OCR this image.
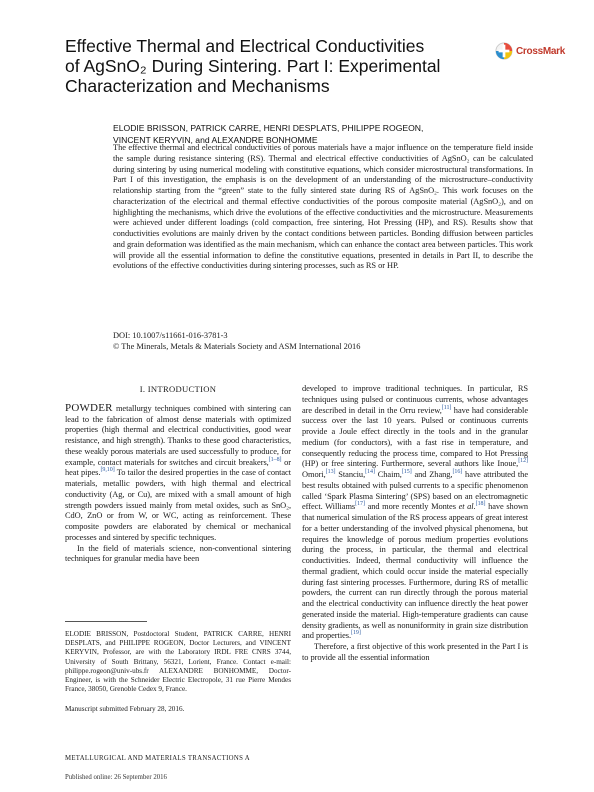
Effective Thermal and Electrical Conductivities
of AgSnO₂ During Sintering. Part I: Experimental
Characterization and Mechanisms
CrossMark
ELODIE BRISSON, PATRICK CARRE, HENRI DESPLATS, PHILIPPE ROGEON,
VINCENT KERYVIN, and ALEXANDRE BONHOMME
The effective thermal and electrical conductivities of porous materials have a major influence on the temperature field inside the sample during resistance sintering (RS). Thermal and electrical effective conductivities of AgSnO₂ can be calculated during sintering by using numerical modeling with constitutive equations, which consider microstructural transformations. In Part I of this investigation, the emphasis is on the development of an understanding of the microstructure–conductivity relationship starting from the “green” state to the fully sintered state during RS of AgSnO₂. This work focuses on the characterization of the electrical and thermal effective conductivities of the porous composite material (AgSnO₂), and on highlighting the mechanisms, which drive the evolutions of the effective conductivities and the microstructure. Measurements were achieved under different loadings (cold compaction, free sintering, Hot Pressing (HP), and RS). Results show that conductivities evolutions are mainly driven by the contact conditions between particles. Bonding diffusion between particles and grain deformation was identified as the main mechanism, which can enhance the contact area between particles. This work will provide all the essential information to define the constitutive equations, presented in details in Part II, to describe the evolutions of the effective conductivities during sintering processes, such as RS or HP.
DOI: 10.1007/s11661-016-3781-3
© The Minerals, Metals & Materials Society and ASM International 2016
I. INTRODUCTION

POWDER metallurgy techniques combined with sintering can lead to the fabrication of almost dense materials with optimized properties (high thermal and electrical conductivities, good wear resistance, and high strength). Thanks to these good characteristics, these weakly porous materials are used successfully to produce, for example, contact materials for switches and circuit breakers,[1–8] or heat pipes.[9,10] To tailor the desired properties in the case of contact materials, metallic powders, with high thermal and electrical conductivity (Ag, or Cu), are mixed with a small amount of high strength powders issued mainly from metal oxides, such as SnO₂, CdO, ZnO or from W, or WC, acting as reinforcement. These composite powders are elaborated by chemical or mechanical processes and sintered by specific techniques.

In the field of materials science, non-conventional sintering techniques for granular media have been

developed to improve traditional techniques. In particular, RS techniques using pulsed or continuous currents, whose advantages are described in detail in the Orru review,[11] have had considerable success over the last 10 years. Pulsed or continuous currents provide a Joule effect directly in the tools and in the granular medium (for conductors), with a fast rise in temperature, and consequently reducing the process time, compared to Hot Pressing (HP) or free sintering. Furthermore, several authors like Inoue,[12] Omori,[13] Stanciu,[14] Chaim,[15] and Zhang,[16] have attributed the best results obtained with pulsed currents to a specific phenomenon called ‘Spark Plasma Sintering’ (SPS) based on an electromagnetic effect. Williams[17] and more recently Montes et al.[18] have shown that numerical simulation of the RS process appears of great interest for a better understanding of the involved physical phenomena, but requires the knowledge of porous medium properties evolutions during the process, in particular, the thermal and electrical conductivities. Indeed, thermal conductivity will influence the thermal gradient, which could occur inside the material especially during fast sintering processes. Furthermore, during RS of metallic powders, the current can run directly through the porous material and the electrical conductivity can influence directly the heat power generated inside the material. High-temperature gradients can cause density gradients, as well as nonuniformity in grain size distribution and properties.[19]

Therefore, a first objective of this work presented in the Part I is to provide all the essential information

ELODIE BRISSON, Postdoctoral Student, PATRICK CARRE, HENRI DESPLATS, and PHILIPPE ROGEON, Doctor Lecturers, and VINCENT KERYVIN, Professor, are with the Laboratory IRDL FRE CNRS 3744, University of South Brittany, 56321, Lorient, France. Contact e-mail: philippe.rogeon@univ-ubs.fr ALEXANDRE BONHOMME, Doctor-Engineer, is with the Schneider Electric Electropole, 31 rue Pierre Mendes France, 38050, Grenoble Cedex 9, France.

Manuscript submitted February 28, 2016.
METALLURGICAL AND MATERIALS TRANSACTIONS A
Published online: 26 September 2016
